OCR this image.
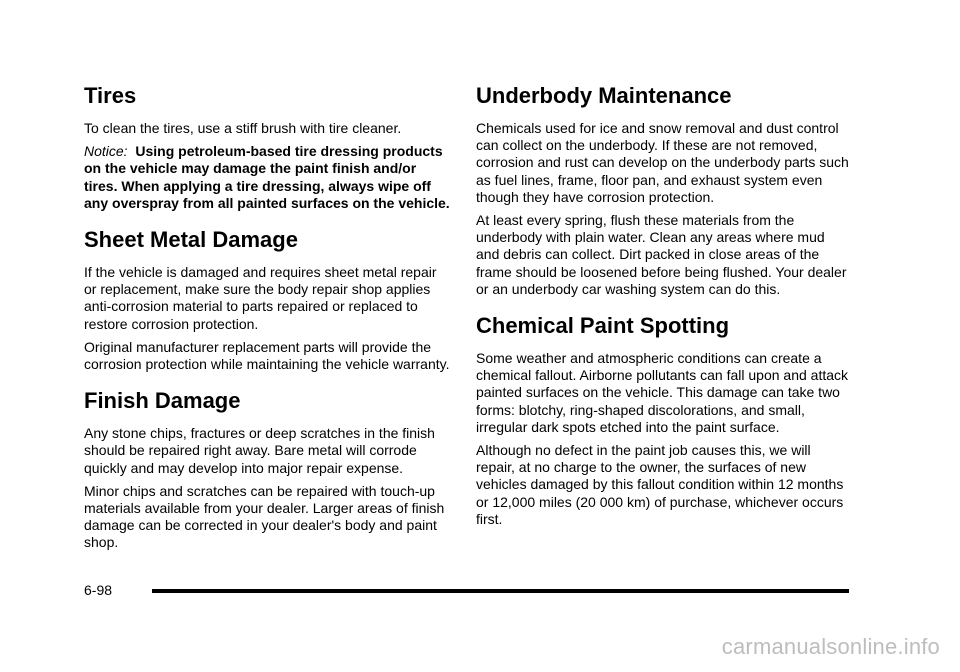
Tires

To clean the tires, use a stiff brush with tire cleaner.

Notice: Using petroleum-based tire dressing products on the vehicle may damage the paint finish and/or tires. When applying a tire dressing, always wipe off any overspray from all painted surfaces on the vehicle.

Sheet Metal Damage

If the vehicle is damaged and requires sheet metal repair or replacement, make sure the body repair shop applies anti-corrosion material to parts repaired or replaced to restore corrosion protection.

Original manufacturer replacement parts will provide the corrosion protection while maintaining the vehicle warranty.

Finish Damage

Any stone chips, fractures or deep scratches in the finish should be repaired right away. Bare metal will corrode quickly and may develop into major repair expense.

Minor chips and scratches can be repaired with touch-up materials available from your dealer. Larger areas of finish damage can be corrected in your dealer's body and paint shop.

Underbody Maintenance

Chemicals used for ice and snow removal and dust control can collect on the underbody. If these are not removed, corrosion and rust can develop on the underbody parts such as fuel lines, frame, floor pan, and exhaust system even though they have corrosion protection.

At least every spring, flush these materials from the underbody with plain water. Clean any areas where mud and debris can collect. Dirt packed in close areas of the frame should be loosened before being flushed. Your dealer or an underbody car washing system can do this.

Chemical Paint Spotting

Some weather and atmospheric conditions can create a chemical fallout. Airborne pollutants can fall upon and attack painted surfaces on the vehicle. This damage can take two forms: blotchy, ring-shaped discolorations, and small, irregular dark spots etched into the paint surface.

Although no defect in the paint job causes this, we will repair, at no charge to the owner, the surfaces of new vehicles damaged by this fallout condition within 12 months or 12,000 miles (20 000 km) of purchase, whichever occurs first.

6-98
carmanualsonline.info
